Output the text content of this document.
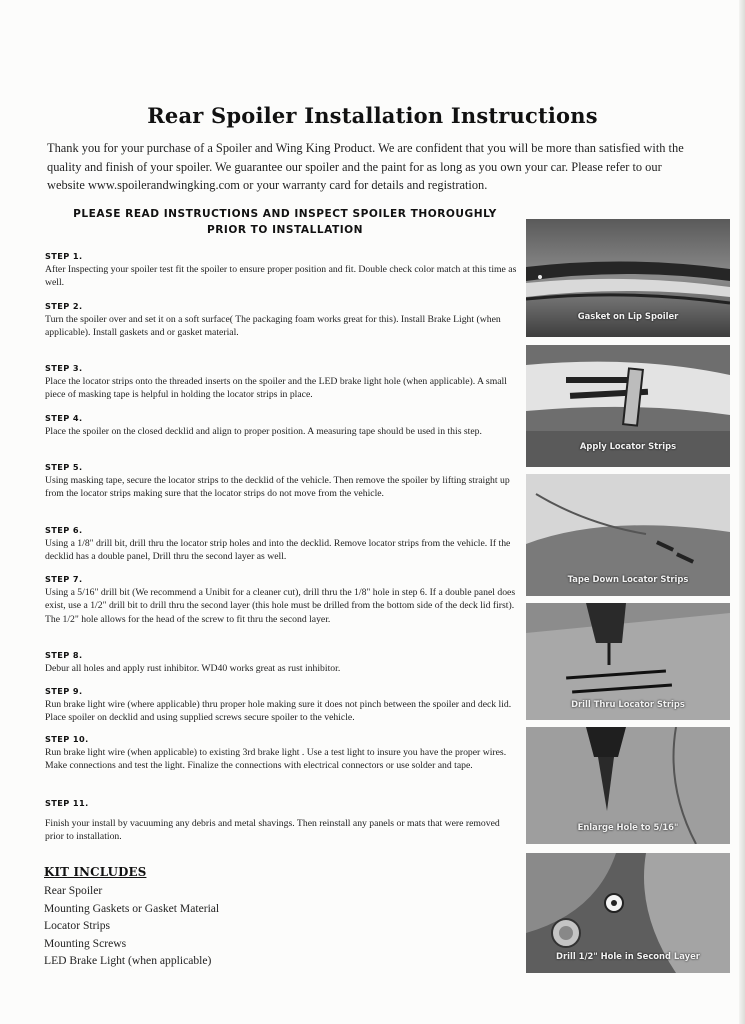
Rear Spoiler Installation Instructions
Thank you for your purchase of a Spoiler and Wing King Product. We are confident that you will be more than satisfied with the quality and finish of your spoiler. We guarantee our spoiler and the paint for as long as you own your car. Please refer to our website www.spoilerandwingking.com or your warranty card for details and registration.
PLEASE READ INSTRUCTIONS AND INSPECT SPOILER THOROUGHLY
PRIOR TO INSTALLATION
STEP 1.
After Inspecting your spoiler test fit the spoiler to ensure proper position and fit. Double check color match at this time as well.
STEP 2.
Turn the spoiler over and set it on a soft surface( The packaging foam works great for this). Install Brake Light (when applicable). Install gaskets and or gasket material.
STEP 3.
Place the locator strips onto the threaded inserts on the spoiler and the LED brake light hole (when applicable). A small piece of masking tape is helpful in holding the locator strips in place.
STEP 4.
Place the spoiler on the closed decklid and align to proper position. A measuring tape should be used in this step.
STEP 5.
Using masking tape, secure the locator strips to the decklid of the vehicle. Then remove the spoiler by lifting straight up from the locator strips making sure that the locator strips do not move from the vehicle.
STEP 6.
Using a 1/8" drill bit, drill thru the locator strip holes and into the decklid. Remove locator strips from the vehicle. If the decklid has a double panel, Drill thru the second layer as well.
STEP 7.
Using a 5/16" drill bit (We recommend a Unibit for a cleaner cut), drill thru the 1/8" hole in step 6. If a double panel does exist, use a 1/2" drill bit to drill thru the second layer (this hole must be drilled from the bottom side of the deck lid first). The 1/2" hole allows for the head of the screw to fit thru the second layer.
STEP 8.
Debur all holes and apply rust inhibitor. WD40 works great as rust inhibitor.
STEP 9.
Run brake light wire (where applicable) thru proper hole making sure it does not pinch between the spoiler and deck lid. Place spoiler on decklid and using supplied screws secure spoiler to the vehicle.
STEP 10.
Run brake light wire (when applicable) to existing 3rd brake light . Use a test light to insure you have the proper wires. Make connections and test the light. Finalize the connections with electrical connectors or use solder and tape.
STEP 11.
Finish your install by vacuuming any debris and metal shavings. Then reinstall any panels or mats that were removed prior to installation.
KIT INCLUDES
Rear Spoiler
Mounting Gaskets or Gasket Material
Locator Strips
Mounting Screws
LED Brake Light (when applicable)
Gasket on Lip Spoiler
Apply Locator Strips
Tape Down Locator Strips
Drill Thru Locator Strips
Enlarge Hole to 5/16"
Drill 1/2" Hole in Second Layer
